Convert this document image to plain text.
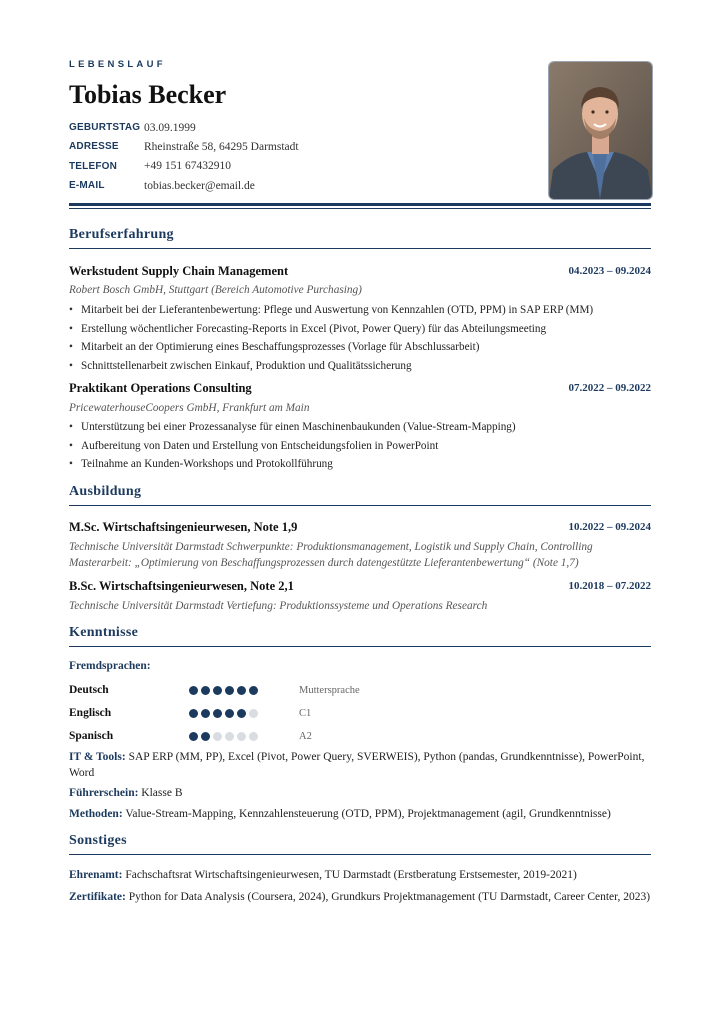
LEBENSLAUF
Tobias Becker
GEBURTSTAG 03.09.1999
ADRESSE	Rheinstraße 58, 64295 Darmstadt
TELEFON	+49 151 67432910
E-MAIL	tobias.becker@email.de
Berufserfahrung
Werkstudent Supply Chain Management	04.2023 – 09.2024
Robert Bosch GmbH, Stuttgart (Bereich Automotive Purchasing)
• Mitarbeit bei der Lieferantenbewertung: Pflege und Auswertung von Kennzahlen (OTD, PPM) in SAP ERP (MM)
• Erstellung wöchentlicher Forecasting-Reports in Excel (Pivot, Power Query) für das Abteilungsmeeting
• Mitarbeit an der Optimierung eines Beschaffungsprozesses (Vorlage für Abschlussarbeit)
• Schnittstellenarbeit zwischen Einkauf, Produktion und Qualitätssicherung
Praktikant Operations Consulting	07.2022 – 09.2022
PricewaterhouseCoopers GmbH, Frankfurt am Main
• Unterstützung bei einer Prozessanalyse für einen Maschinenbaukunden (Value-Stream-Mapping)
• Aufbereitung von Daten und Erstellung von Entscheidungsfolien in PowerPoint
• Teilnahme an Kunden-Workshops und Protokollführung
Ausbildung
M.Sc. Wirtschaftsingenieurwesen, Note 1,9	10.2022 – 09.2024
Technische Universität Darmstadt Schwerpunkte: Produktionsmanagement, Logistik und Supply Chain, Controlling Masterarbeit: „Optimierung von Beschaffungsprozessen durch datengestützte Lieferantenbewertung“ (Note 1,7)
B.Sc. Wirtschaftsingenieurwesen, Note 2,1	10.2018 – 07.2022
Technische Universität Darmstadt Vertiefung: Produktionssysteme und Operations Research
Kenntnisse
Fremdsprachen:
Deutsch	Muttersprache
Englisch	C1
Spanisch	A2
IT & Tools: SAP ERP (MM, PP), Excel (Pivot, Power Query, SVERWEIS), Python (pandas, Grundkenntnisse), PowerPoint, Word
Führerschein: Klasse B
Methoden: Value-Stream-Mapping, Kennzahlensteuerung (OTD, PPM), Projektmanagement (agil, Grundkenntnisse)
Sonstiges
Ehrenamt: Fachschaftsrat Wirtschaftsingenieurwesen, TU Darmstadt (Erstberatung Erstsemester, 2019-2021)
Zertifikate: Python for Data Analysis (Coursera, 2024), Grundkurs Projektmanagement (TU Darmstadt, Career Center, 2023)
